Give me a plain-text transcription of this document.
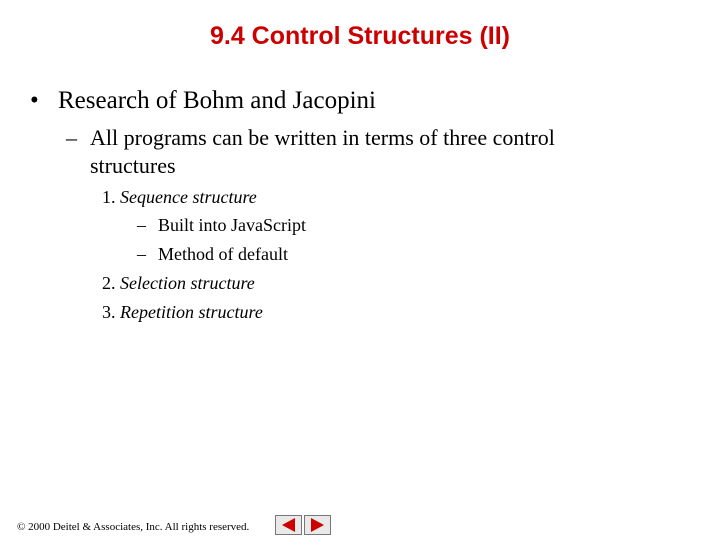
9.4 Control Structures (II)
• Research of Bohm and Jacopini
– All programs can be written in terms of three control structures
1. Sequence structure
– Built into JavaScript
– Method of default
2. Selection structure
3. Repetition structure
© 2000 Deitel & Associates, Inc. All rights reserved.
